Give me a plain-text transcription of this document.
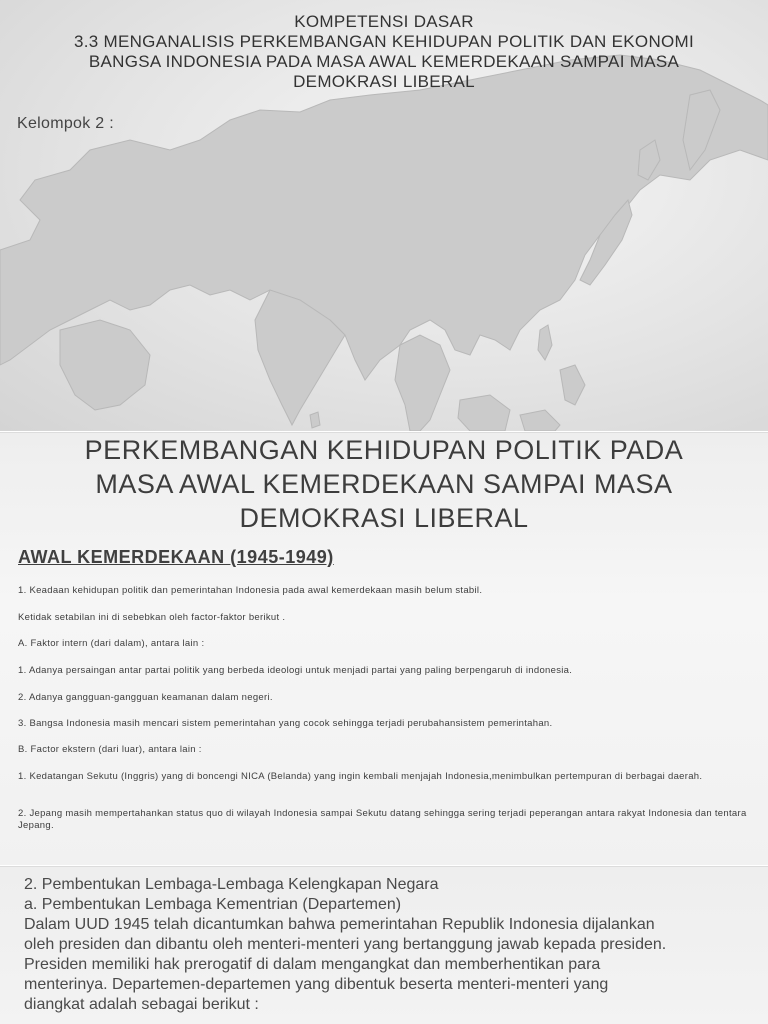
KOMPETENSI DASAR
3.3 MENGANALISIS PERKEMBANGAN KEHIDUPAN POLITIK DAN EKONOMI
BANGSA INDONESIA PADA MASA AWAL KEMERDEKAAN SAMPAI MASA
DEMOKRASI LIBERAL
Kelompok 2 :
PERKEMBANGAN KEHIDUPAN POLITIK PADA
MASA AWAL KEMERDEKAAN SAMPAI MASA
DEMOKRASI LIBERAL
AWAL KEMERDEKAAN (1945-1949)
1. Keadaan kehidupan politik dan pemerintahan Indonesia pada awal kemerdekaan masih belum stabil.
Ketidak setabilan ini di sebebkan oleh factor-faktor berikut .
A. Faktor intern (dari dalam), antara lain :
1. Adanya persaingan antar partai politik yang berbeda ideologi untuk menjadi partai yang paling berpengaruh di indonesia.
2. Adanya gangguan-gangguan keamanan dalam negeri.
3. Bangsa Indonesia masih mencari sistem pemerintahan yang cocok sehingga terjadi perubahansistem pemerintahan.
B. Factor ekstern (dari luar), antara lain :
1. Kedatangan Sekutu (Inggris) yang di boncengi NICA (Belanda) yang ingin kembali menjajah Indonesia,menimbulkan pertempuran di berbagai daerah.
2. Jepang masih mempertahankan status quo di wilayah Indonesia sampai Sekutu datang sehingga sering terjadi peperangan antara rakyat Indonesia dan tentara Jepang.
2. Pembentukan Lembaga-Lembaga Kelengkapan Negara
a. Pembentukan Lembaga Kementrian (Departemen)
Dalam UUD 1945 telah dicantumkan bahwa pemerintahan Republik Indonesia dijalankan
oleh presiden dan dibantu oleh menteri-menteri yang bertanggung jawab kepada presiden.
Presiden memiliki hak prerogatif di dalam mengangkat dan memberhentikan para
menterinya. Departemen-departemen yang dibentuk beserta menteri-menteri yang
diangkat adalah sebagai berikut :
